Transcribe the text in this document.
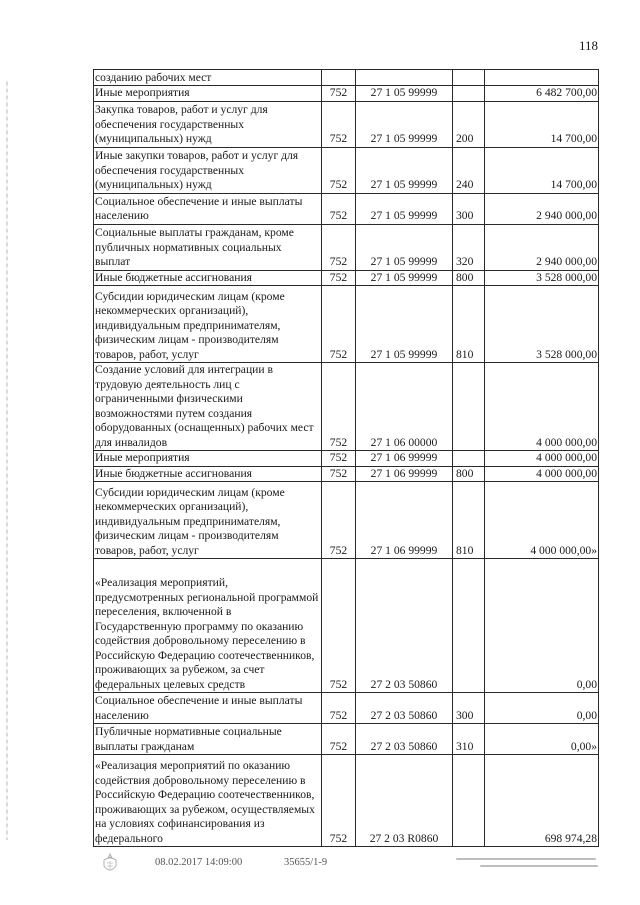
118
созданию рабочих мест				
Иные мероприятия	752	27 1 05 99999		6 482 700,00
Закупка товаров, работ и услуг для обеспечения государственных (муниципальных) нужд	752	27 1 05 99999	200	14 700,00
Иные закупки товаров, работ и услуг для обеспечения государственных (муниципальных) нужд	752	27 1 05 99999	240	14 700,00
Социальное обеспечение и иные выплаты населению	752	27 1 05 99999	300	2 940 000,00
Социальные выплаты гражданам, кроме публичных нормативных социальных выплат	752	27 1 05 99999	320	2 940 000,00
Иные бюджетные ассигнования	752	27 1 05 99999	800	3 528 000,00
Субсидии юридическим лицам (кроме некоммерческих организаций), индивидуальным предпринимателям, физическим лицам - производителям товаров, работ, услуг	752	27 1 05 99999	810	3 528 000,00
Создание условий для интеграции в трудовую деятельность лиц с ограниченными физическими возможностями путем создания оборудованных (оснащенных) рабочих мест для инвалидов	752	27 1 06 00000		4 000 000,00
Иные мероприятия	752	27 1 06 99999		4 000 000,00
Иные бюджетные ассигнования	752	27 1 06 99999	800	4 000 000,00
Субсидии юридическим лицам (кроме некоммерческих организаций), индивидуальным предпринимателям, физическим лицам - производителям товаров, работ, услуг	752	27 1 06 99999	810	4 000 000,00»
«Реализация мероприятий, предусмотренных региональной программой переселения, включенной в Государственную программу по оказанию содействия добровольному переселению в Российскую Федерацию соотечественников, проживающих за рубежом, за счет федеральных целевых средств	752	27 2 03 50860		0,00
Социальное обеспечение и иные выплаты населению	752	27 2 03 50860	300	0,00
Публичные нормативные социальные выплаты гражданам	752	27 2 03 50860	310	0,00»
«Реализация мероприятий по оказанию содействия добровольному переселению в Российскую Федерацию соотечественников, проживающих за рубежом, осуществляемых на условиях софинансирования из федерального	752	27 2 03 R0860		698 974,28
08.02.2017 14:09:00	35655/1-9
